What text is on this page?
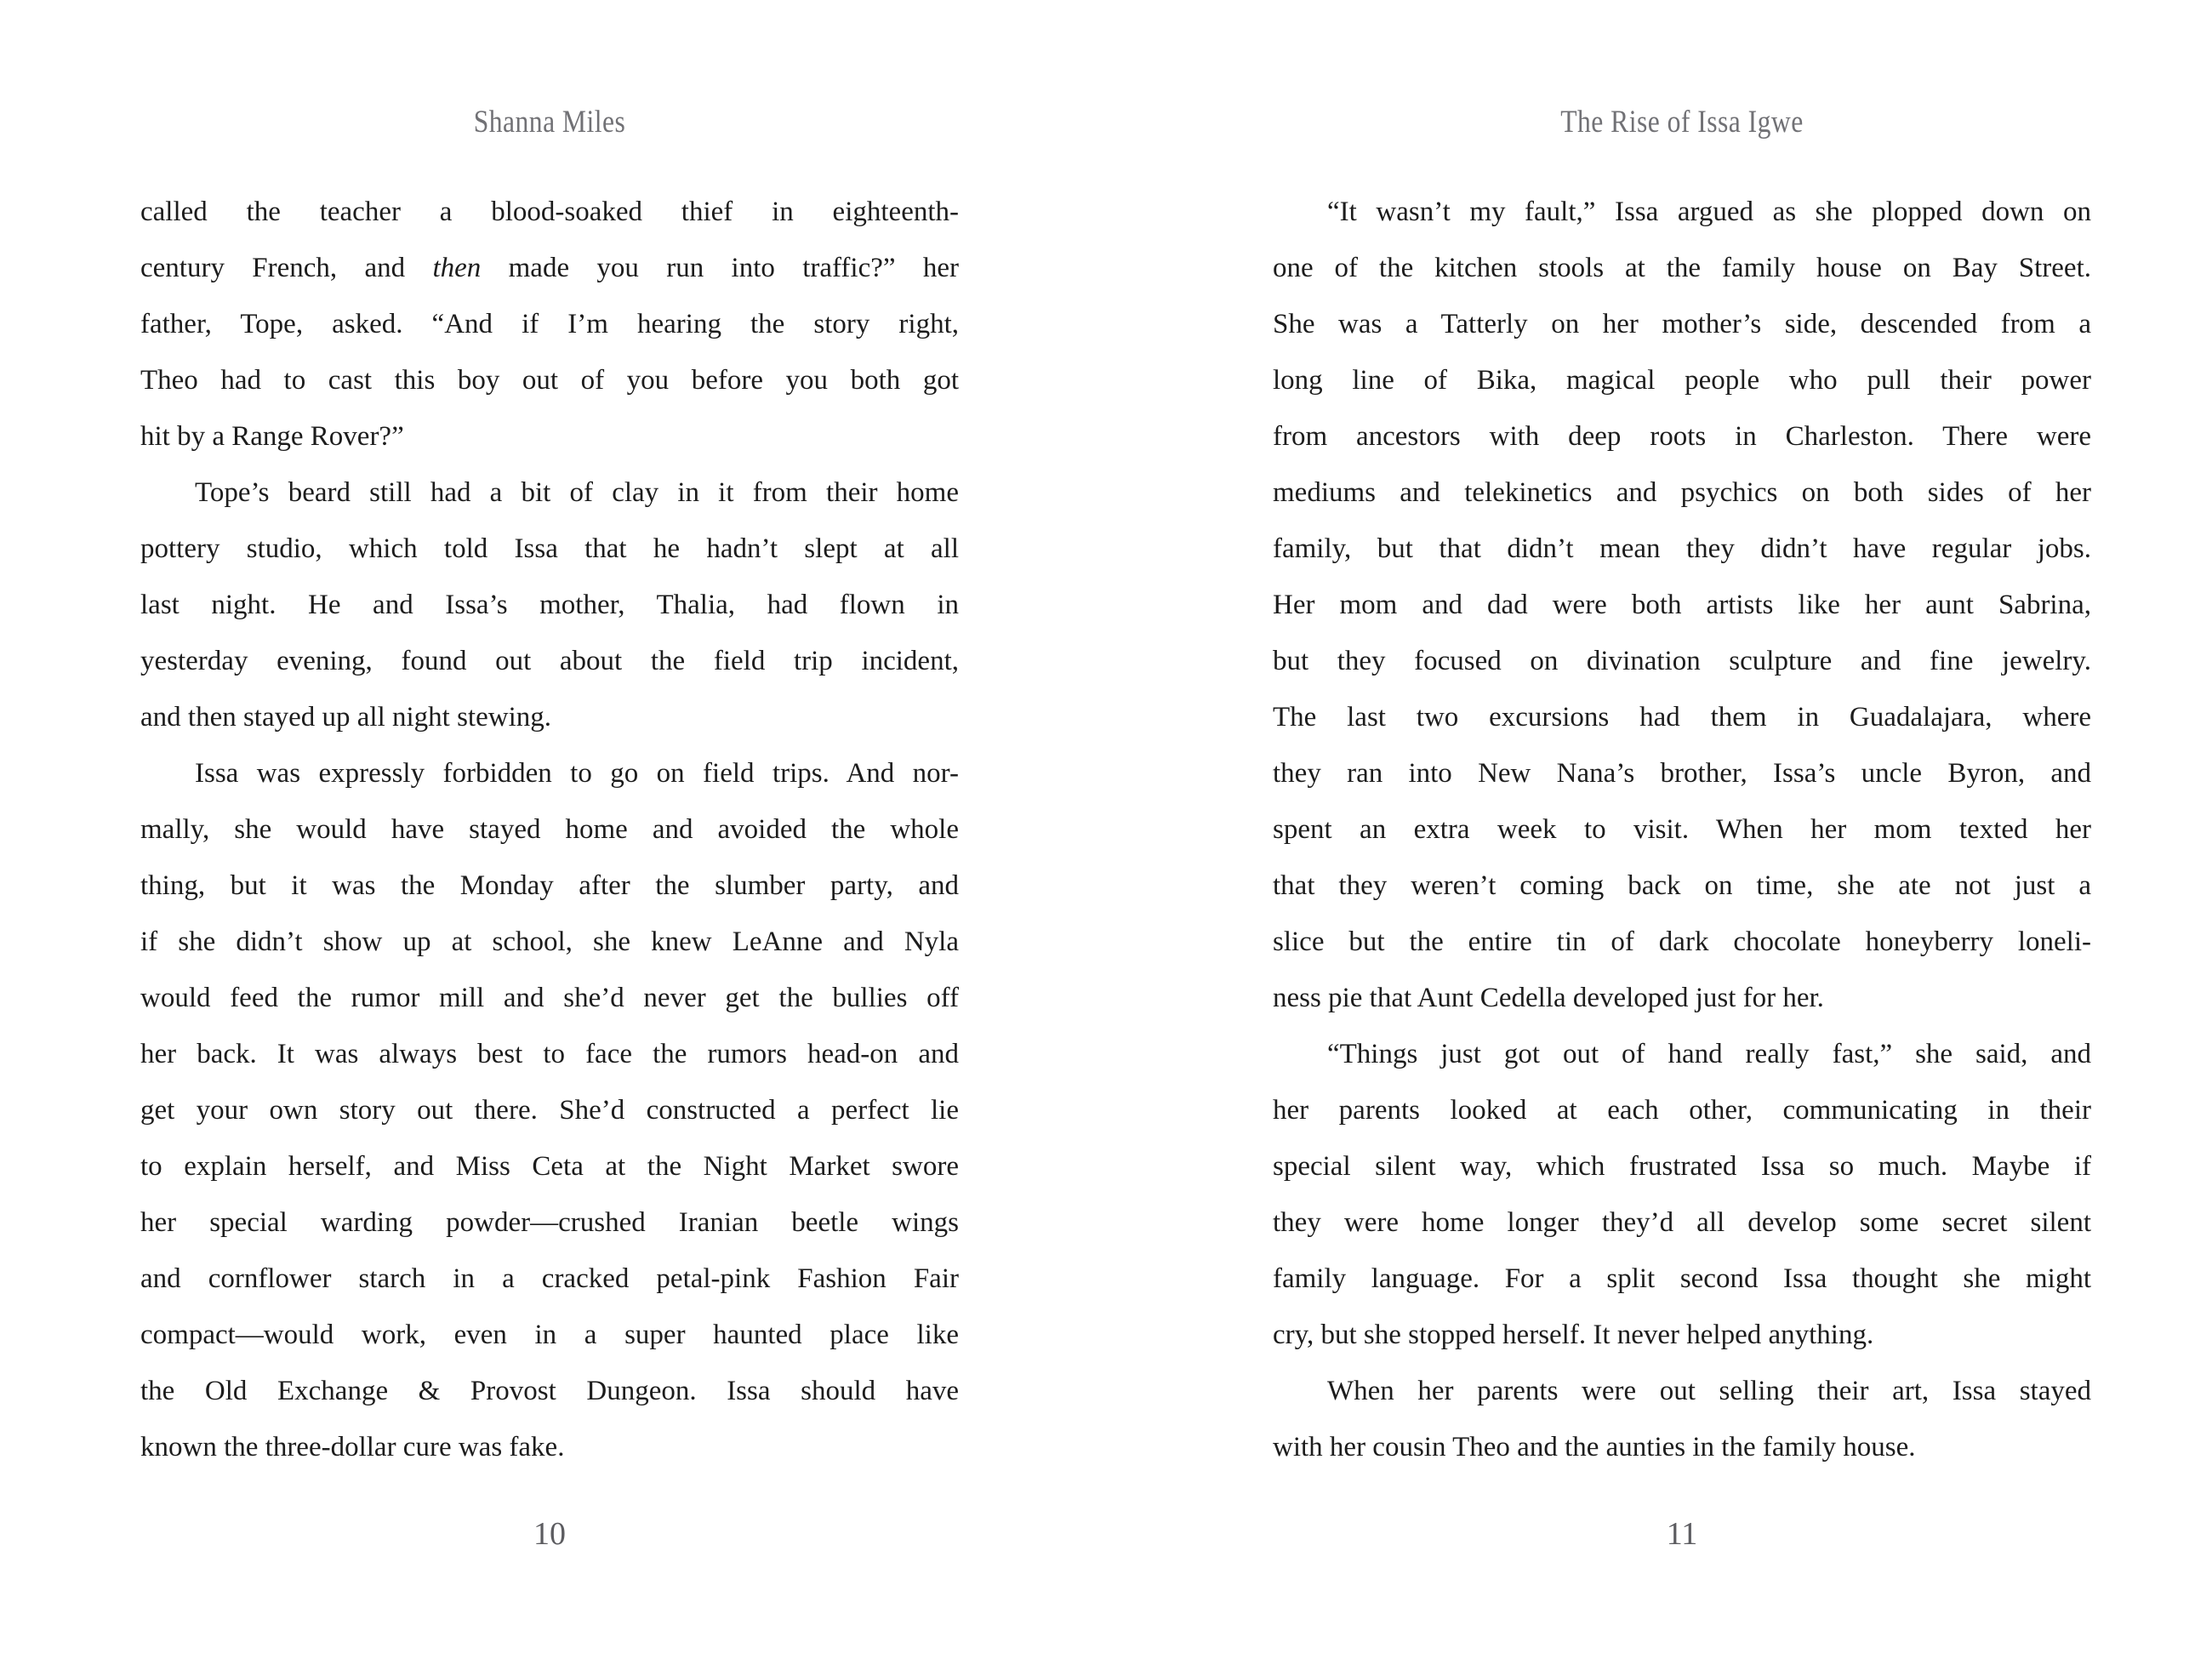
Shanna Miles
called the teacher a blood-soaked thief in eighteenth-
century French, and then made you run into traffic?” her
father, Tope, asked. “And if I’m hearing the story right,
Theo had to cast this boy out of you before you both got
hit by a Range Rover?”
Tope’s beard still had a bit of clay in it from their home
pottery studio, which told Issa that he hadn’t slept at all
last night. He and Issa’s mother, Thalia, had flown in
yesterday evening, found out about the field trip incident,
and then stayed up all night stewing.
Issa was expressly forbidden to go on field trips. And nor-
mally, she would have stayed home and avoided the whole
thing, but it was the Monday after the slumber party, and
if she didn’t show up at school, she knew LeAnne and Nyla
would feed the rumor mill and she’d never get the bullies off
her back. It was always best to face the rumors head-on and
get your own story out there. She’d constructed a perfect lie
to explain herself, and Miss Ceta at the Night Market swore
her special warding powder—crushed Iranian beetle wings
and cornflower starch in a cracked petal-pink Fashion Fair
compact—would work, even in a super haunted place like
the Old Exchange & Provost Dungeon. Issa should have
known the three-dollar cure was fake.
10
The Rise of Issa Igwe
“It wasn’t my fault,” Issa argued as she plopped down on
one of the kitchen stools at the family house on Bay Street.
She was a Tatterly on her mother’s side, descended from a
long line of Bika, magical people who pull their power
from ancestors with deep roots in Charleston. There were
mediums and telekinetics and psychics on both sides of her
family, but that didn’t mean they didn’t have regular jobs.
Her mom and dad were both artists like her aunt Sabrina,
but they focused on divination sculpture and fine jewelry.
The last two excursions had them in Guadalajara, where
they ran into New Nana’s brother, Issa’s uncle Byron, and
spent an extra week to visit. When her mom texted her
that they weren’t coming back on time, she ate not just a
slice but the entire tin of dark chocolate honeyberry loneli-
ness pie that Aunt Cedella developed just for her.
“Things just got out of hand really fast,” she said, and
her parents looked at each other, communicating in their
special silent way, which frustrated Issa so much. Maybe if
they were home longer they’d all develop some secret silent
family language. For a split second Issa thought she might
cry, but she stopped herself. It never helped anything.
When her parents were out selling their art, Issa stayed
with her cousin Theo and the aunties in the family house.
11
